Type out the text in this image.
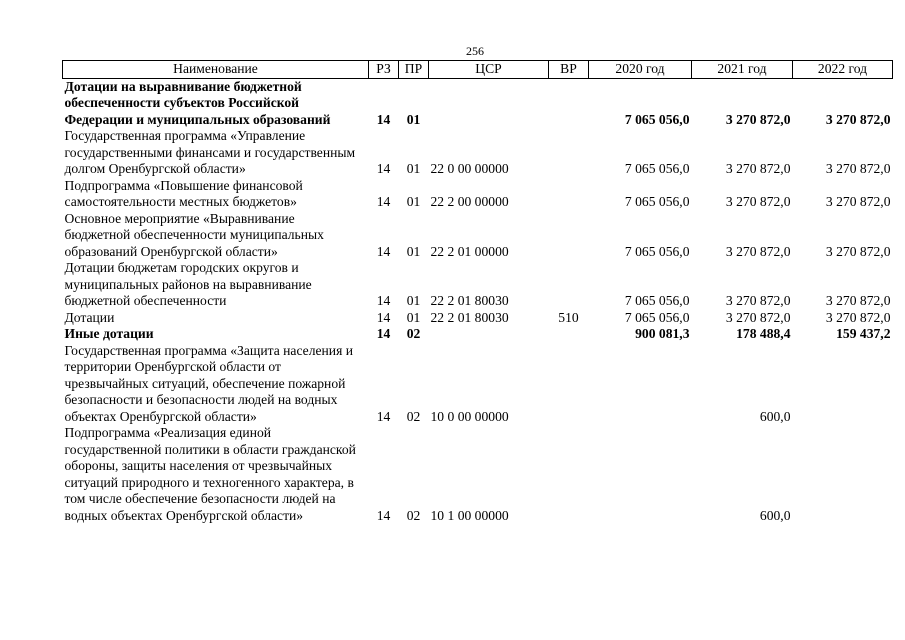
256
Наименование	РЗ	ПР	ЦСР	ВР	2020 год	2021 год	2022 год
Дотации на выравнивание бюджетной обеспеченности субъектов Российской Федерации и муниципальных образований	14	01			7 065 056,0	3 270 872,0	3 270 872,0
Государственная программа «Управление государственными финансами и государственным долгом Оренбургской области»	14	01	22 0 00 00000		7 065 056,0	3 270 872,0	3 270 872,0
Подпрограмма «Повышение финансовой самостоятельности местных бюджетов»	14	01	22 2 00 00000		7 065 056,0	3 270 872,0	3 270 872,0
Основное мероприятие «Выравнивание бюджетной обеспеченности муниципальных образований Оренбургской области»	14	01	22 2 01 00000		7 065 056,0	3 270 872,0	3 270 872,0
Дотации бюджетам городских округов и муниципальных районов на выравнивание бюджетной обеспеченности	14	01	22 2 01 80030		7 065 056,0	3 270 872,0	3 270 872,0
Дотации	14	01	22 2 01 80030	510	7 065 056,0	3 270 872,0	3 270 872,0
Иные дотации	14	02			900 081,3	178 488,4	159 437,2
Государственная программа «Защита населения и территории Оренбургской области от чрезвычайных ситуаций, обеспечение пожарной безопасности и безопасности людей на водных объектах Оренбургской области»	14	02	10 0 00 00000			600,0	
Подпрограмма «Реализация единой государственной политики в области гражданской обороны, защиты населения от чрезвычайных ситуаций природного и техногенного характера, в том числе обеспечение безопасности людей на водных объектах Оренбургской области»	14	02	10 1 00 00000			600,0	
